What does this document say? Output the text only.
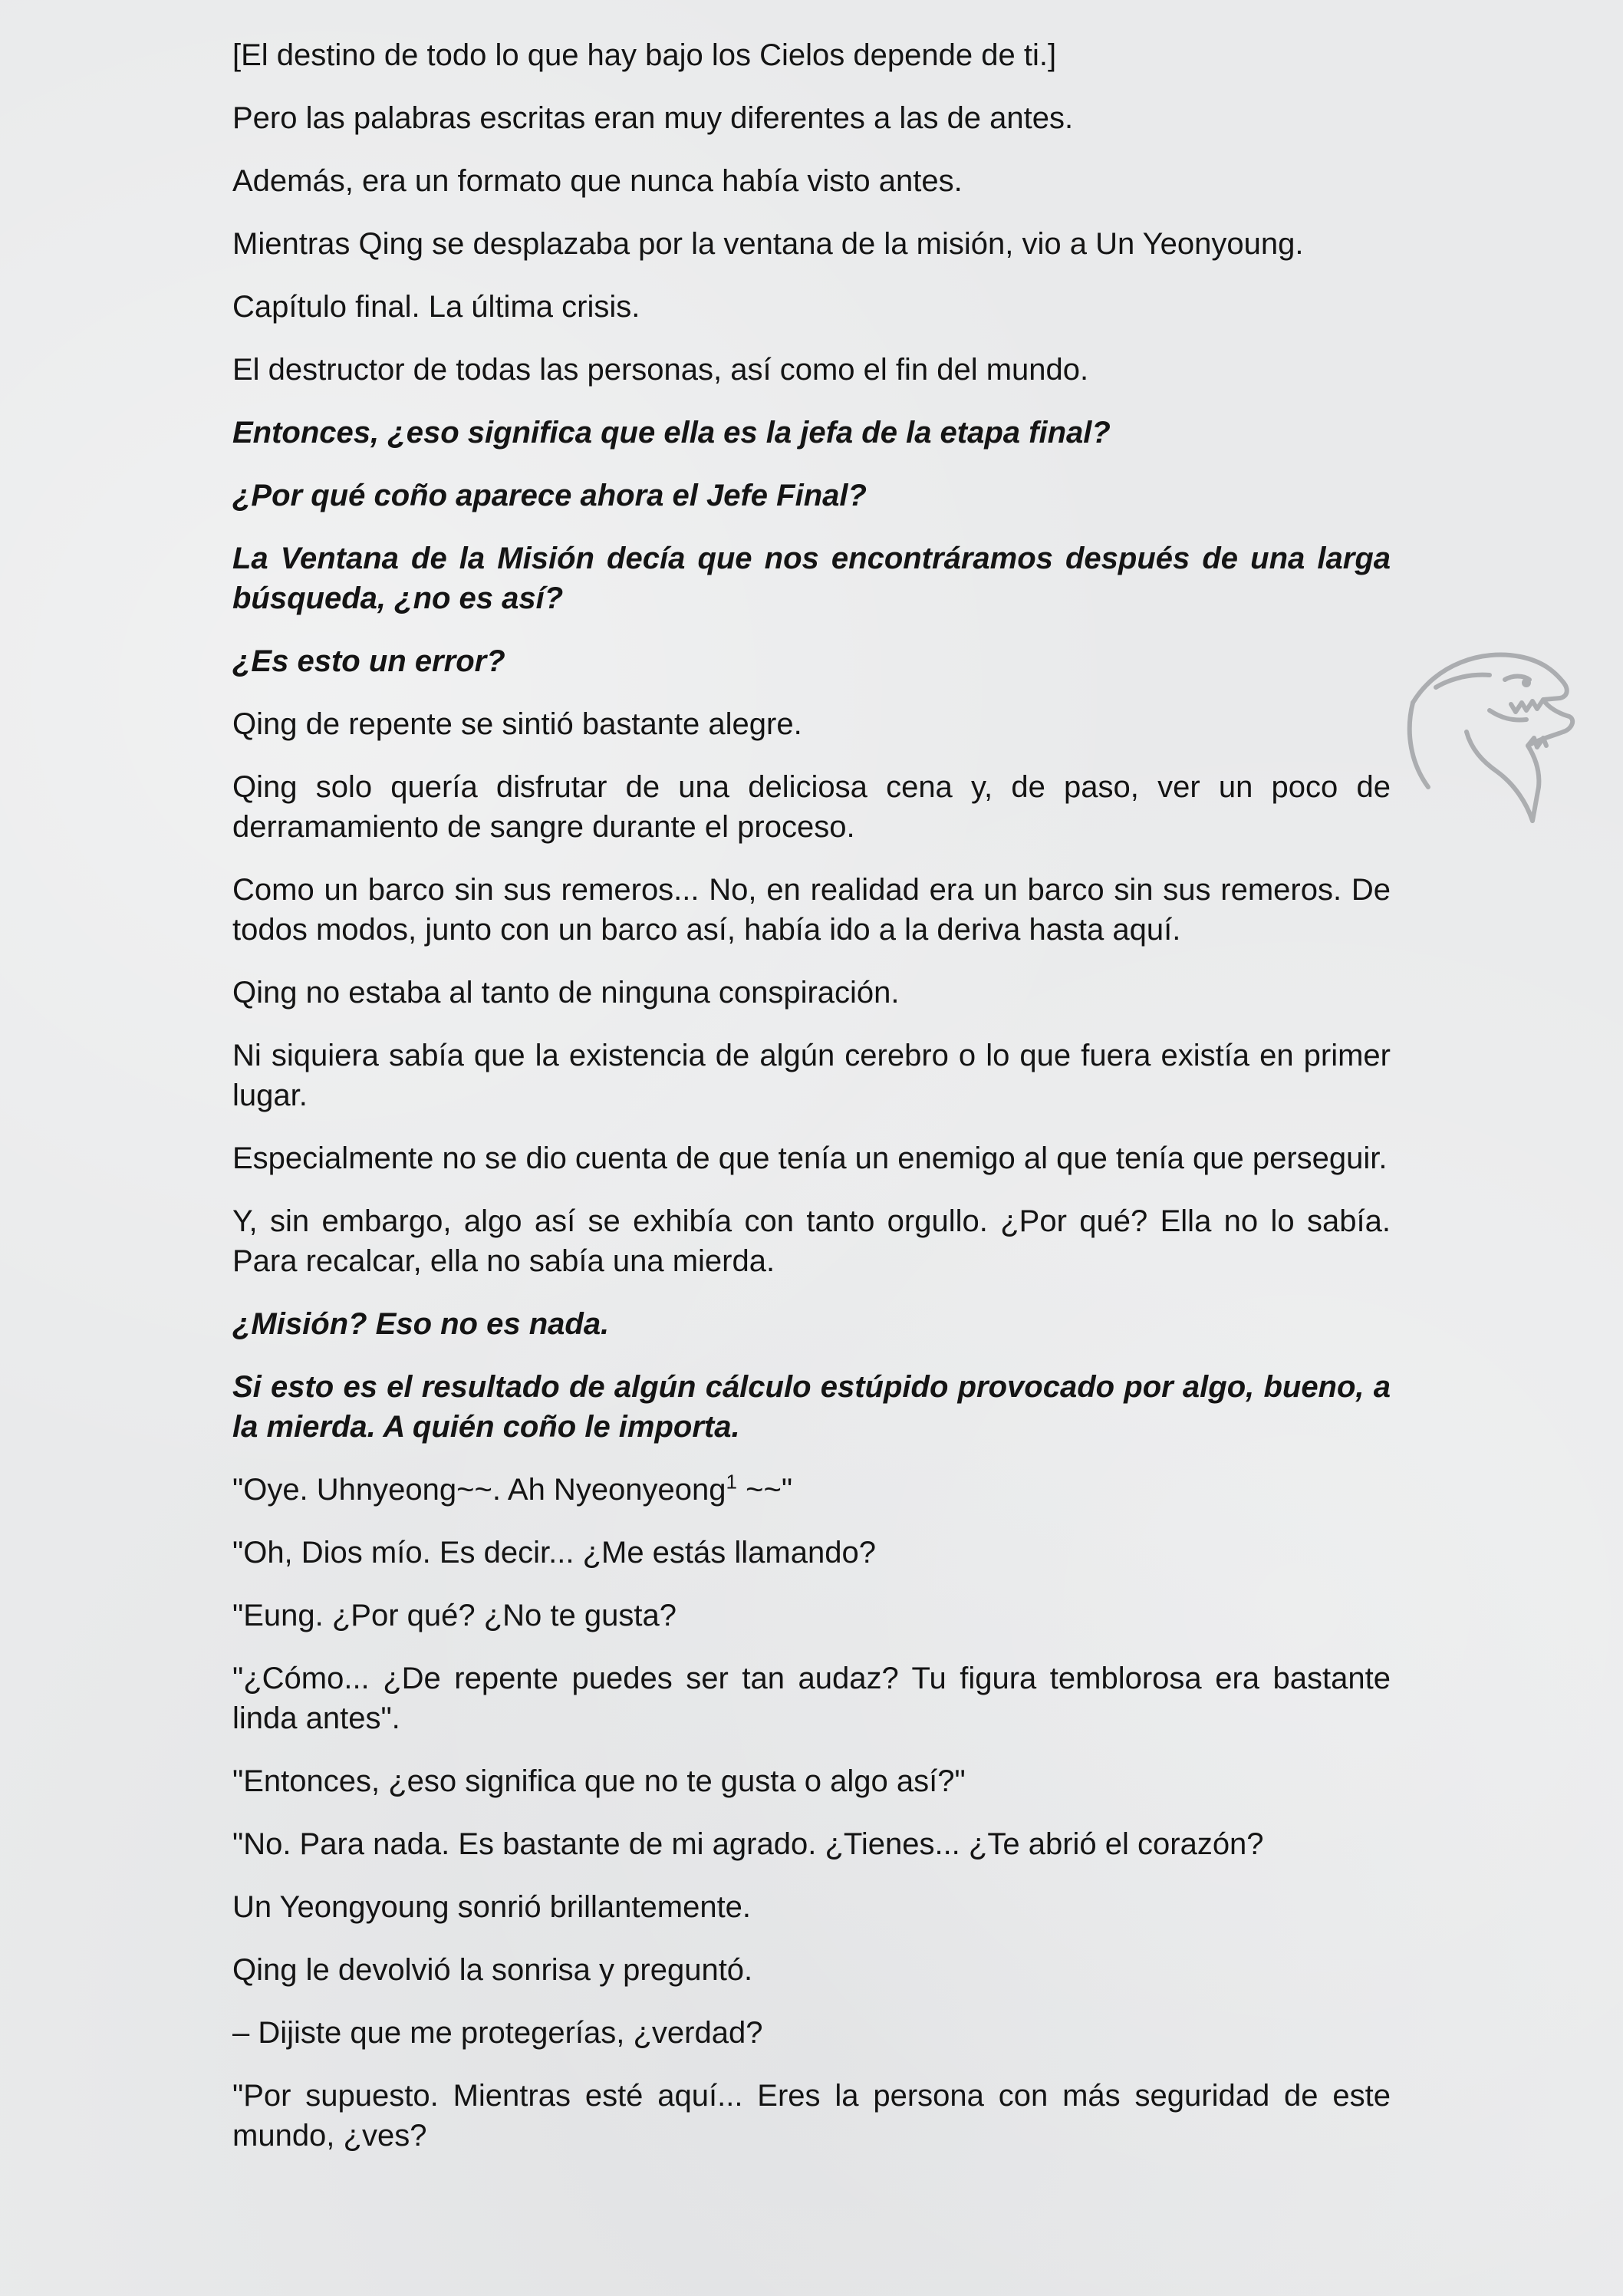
[El destino de todo lo que hay bajo los Cielos depende de ti.]

Pero las palabras escritas eran muy diferentes a las de antes.

Además, era un formato que nunca había visto antes.

Mientras Qing se desplazaba por la ventana de la misión, vio a Un Yeonyoung.

Capítulo final. La última crisis.

El destructor de todas las personas, así como el fin del mundo.

Entonces, ¿eso significa que ella es la jefa de la etapa final?

¿Por qué coño aparece ahora el Jefe Final?

La Ventana de la Misión decía que nos encontráramos después de una larga búsqueda, ¿no es así?

¿Es esto un error?

Qing de repente se sintió bastante alegre.

Qing solo quería disfrutar de una deliciosa cena y, de paso, ver un poco de derramamiento de sangre durante el proceso.

Como un barco sin sus remeros... No, en realidad era un barco sin sus remeros. De todos modos, junto con un barco así, había ido a la deriva hasta aquí.

Qing no estaba al tanto de ninguna conspiración.

Ni siquiera sabía que la existencia de algún cerebro o lo que fuera existía en primer lugar.

Especialmente no se dio cuenta de que tenía un enemigo al que tenía que perseguir.

Y, sin embargo, algo así se exhibía con tanto orgullo. ¿Por qué? Ella no lo sabía. Para recalcar, ella no sabía una mierda.

¿Misión? Eso no es nada.

Si esto es el resultado de algún cálculo estúpido provocado por algo, bueno, a la mierda. A quién coño le importa.

"Oye. Uhnyeong~~. Ah Nyeonyeong$^1$ ~~"

"Oh, Dios mío. Es decir... ¿Me estás llamando?

"Eung. ¿Por qué? ¿No te gusta?

"¿Cómo... ¿De repente puedes ser tan audaz? Tu figura temblorosa era bastante linda antes".

"Entonces, ¿eso significa que no te gusta o algo así?"

"No. Para nada. Es bastante de mi agrado. ¿Tienes... ¿Te abrió el corazón?

Un Yeongyoung sonrió brillantemente.

Qing le devolvió la sonrisa y preguntó.

– Dijiste que me protegerías, ¿verdad?

"Por supuesto. Mientras esté aquí... Eres la persona con más seguridad de este mundo, ¿ves?
